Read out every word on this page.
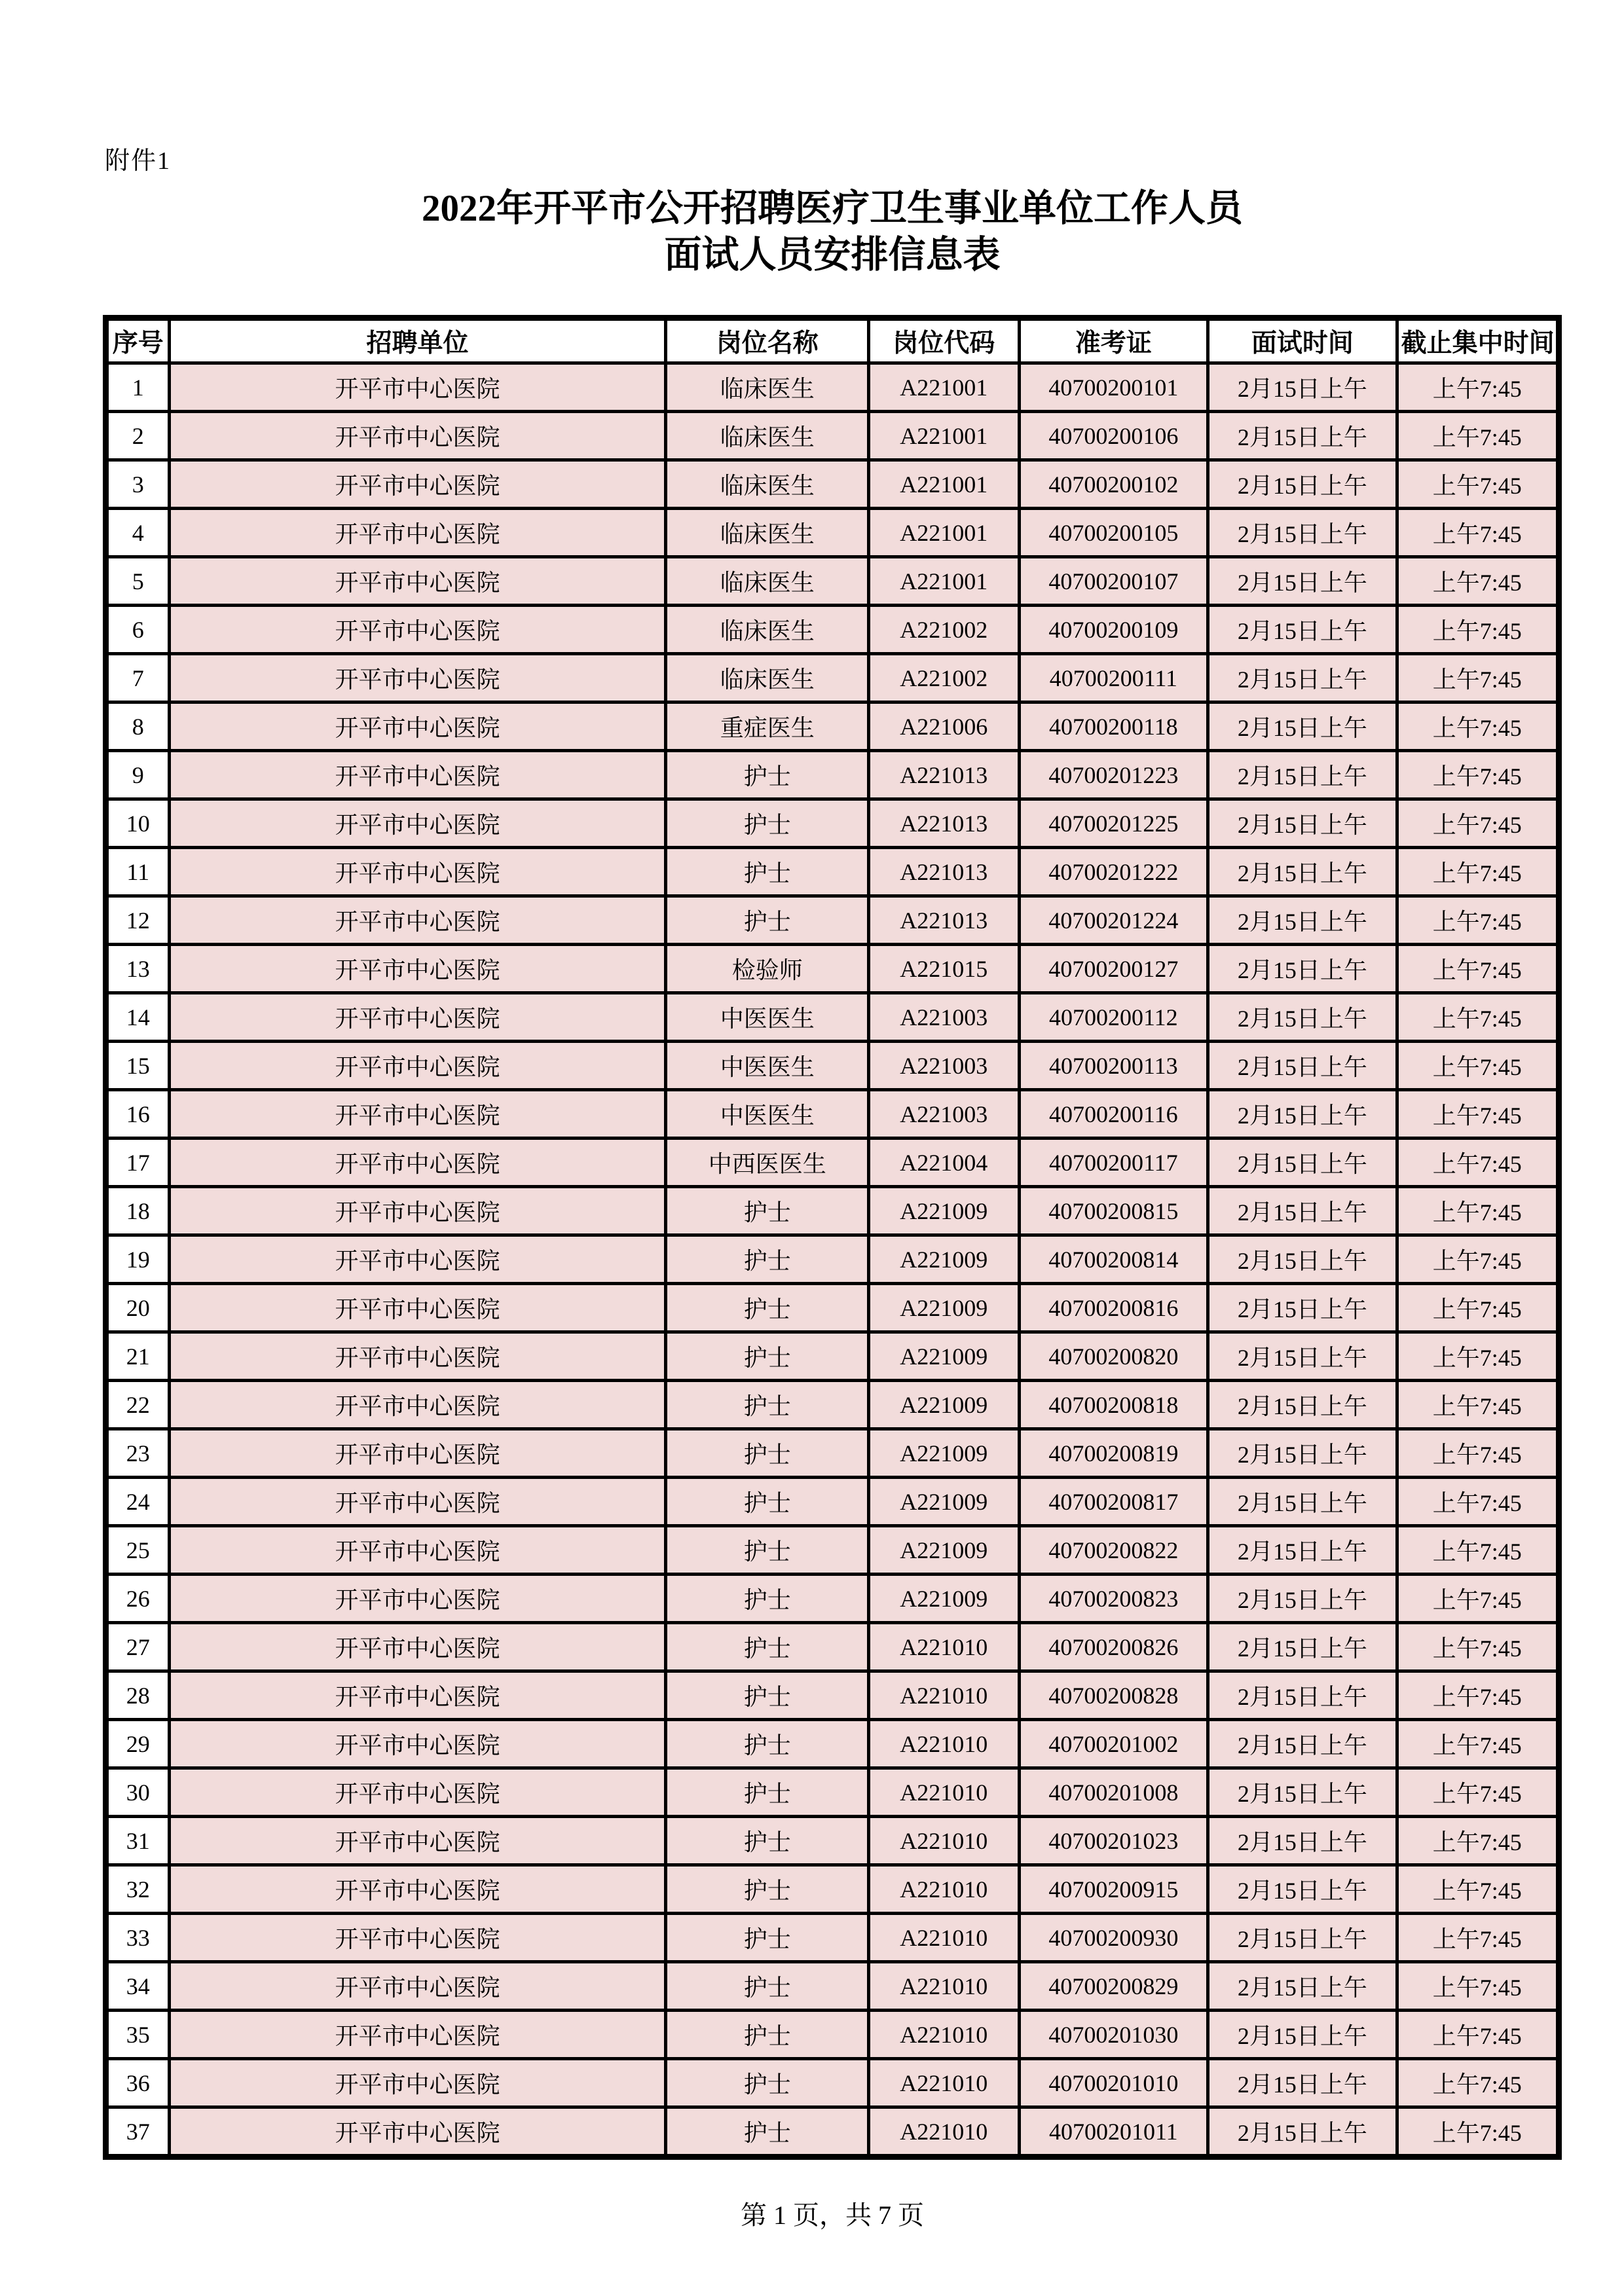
附件1
2022年开平市公开招聘医疗卫生事业单位工作人员
面试人员安排信息表
序号	招聘单位	岗位名称	岗位代码	准考证	面试时间	截止集中时间
1	开平市中心医院	临床医生	A221001	40700200101	2月15日上午	上午7:45
2	开平市中心医院	临床医生	A221001	40700200106	2月15日上午	上午7:45
3	开平市中心医院	临床医生	A221001	40700200102	2月15日上午	上午7:45
4	开平市中心医院	临床医生	A221001	40700200105	2月15日上午	上午7:45
5	开平市中心医院	临床医生	A221001	40700200107	2月15日上午	上午7:45
6	开平市中心医院	临床医生	A221002	40700200109	2月15日上午	上午7:45
7	开平市中心医院	临床医生	A221002	40700200111	2月15日上午	上午7:45
8	开平市中心医院	重症医生	A221006	40700200118	2月15日上午	上午7:45
9	开平市中心医院	护士	A221013	40700201223	2月15日上午	上午7:45
10	开平市中心医院	护士	A221013	40700201225	2月15日上午	上午7:45
11	开平市中心医院	护士	A221013	40700201222	2月15日上午	上午7:45
12	开平市中心医院	护士	A221013	40700201224	2月15日上午	上午7:45
13	开平市中心医院	检验师	A221015	40700200127	2月15日上午	上午7:45
14	开平市中心医院	中医医生	A221003	40700200112	2月15日上午	上午7:45
15	开平市中心医院	中医医生	A221003	40700200113	2月15日上午	上午7:45
16	开平市中心医院	中医医生	A221003	40700200116	2月15日上午	上午7:45
17	开平市中心医院	中西医医生	A221004	40700200117	2月15日上午	上午7:45
18	开平市中心医院	护士	A221009	40700200815	2月15日上午	上午7:45
19	开平市中心医院	护士	A221009	40700200814	2月15日上午	上午7:45
20	开平市中心医院	护士	A221009	40700200816	2月15日上午	上午7:45
21	开平市中心医院	护士	A221009	40700200820	2月15日上午	上午7:45
22	开平市中心医院	护士	A221009	40700200818	2月15日上午	上午7:45
23	开平市中心医院	护士	A221009	40700200819	2月15日上午	上午7:45
24	开平市中心医院	护士	A221009	40700200817	2月15日上午	上午7:45
25	开平市中心医院	护士	A221009	40700200822	2月15日上午	上午7:45
26	开平市中心医院	护士	A221009	40700200823	2月15日上午	上午7:45
27	开平市中心医院	护士	A221010	40700200826	2月15日上午	上午7:45
28	开平市中心医院	护士	A221010	40700200828	2月15日上午	上午7:45
29	开平市中心医院	护士	A221010	40700201002	2月15日上午	上午7:45
30	开平市中心医院	护士	A221010	40700201008	2月15日上午	上午7:45
31	开平市中心医院	护士	A221010	40700201023	2月15日上午	上午7:45
32	开平市中心医院	护士	A221010	40700200915	2月15日上午	上午7:45
33	开平市中心医院	护士	A221010	40700200930	2月15日上午	上午7:45
34	开平市中心医院	护士	A221010	40700200829	2月15日上午	上午7:45
35	开平市中心医院	护士	A221010	40700201030	2月15日上午	上午7:45
36	开平市中心医院	护士	A221010	40700201010	2月15日上午	上午7:45
37	开平市中心医院	护士	A221010	40700201011	2月15日上午	上午7:45
第 1 页，共 7 页
